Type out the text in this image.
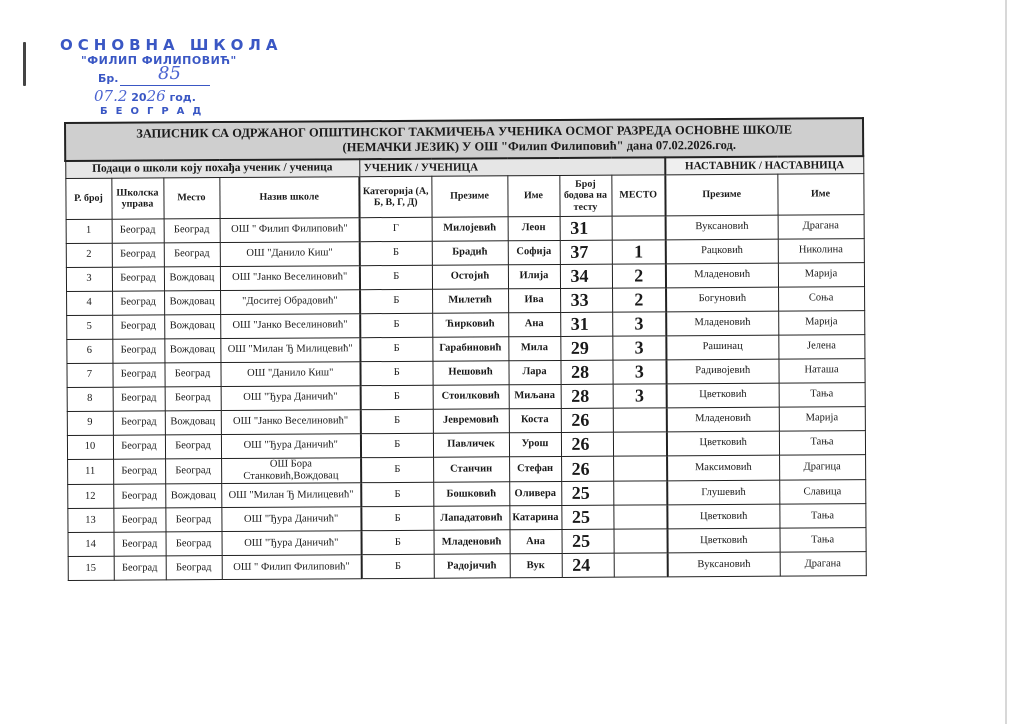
ОСНОВНА ШКОЛА
"ФИЛИП ФИЛИПОВИЋ"
Бр. 85
07.2 2026 год.
БЕОГРАД
ЗАПИСНИК СА ОДРЖАНОГ ОПШТИНСКОГ ТАКМИЧЕЊА УЧЕНИКА ОСМОГ РАЗРЕДА ОСНОВНЕ ШКОЛЕ
(НЕМАЧКИ ЈЕЗИК) У ОШ "Филип Филиповић" дана 07.02.2026.год.										

Подаци о школи коју похађа ученик / ученица				УЧЕНИК / УЧЕНИЦА					НАСТАВНИК / НАСТАВНИЦА	
Р. број	Школска управа	Место	Назив школе	Категорија (А, Б, В, Г, Д)	Презиме	Име	Број бодова на тесту	МЕСТО	Презиме	Име
1	Београд	Београд	ОШ " Филип Филиповић"	Г	Милојевић	Леон	31		Вуксановић	Драгана
2	Београд	Београд	ОШ "Данило Киш"	Б	Брадић	Софија	37	1	Рацковић	Николина
3	Београд	Вождовац	ОШ "Јанко Веселиновић"	Б	Остојић	Илија	34	2	Младеновић	Марија
4	Београд	Вождовац	"Доситеј Обрадовић"	Б	Милетић	Ива	33	2	Богуновић	Соња
5	Београд	Вождовац	ОШ "Јанко Веселиновић"	Б	Ћирковић	Ана	31	3	Младеновић	Марија
6	Београд	Вождовац	ОШ "Милан Ђ Милицевић"	Б	Гарабиновић	Мила	29	3	Рашинац	Јелена
7	Београд	Београд	ОШ "Данило Киш"	Б	Нешовић	Лара	28	3	Радивојевић	Наташа
8	Београд	Београд	ОШ "Ђура Даничић"	Б	Стоилковић	Миљана	28	3	Цветковић	Тања
9	Београд	Вождовац	ОШ "Јанко Веселиновић"	Б	Јевремовић	Коста	26		Младеновић	Марија
10	Београд	Београд	ОШ "Ђура Даничић"	Б	Павличек	Урош	26		Цветковић	Тања
11	Београд	Београд	ОШ Бора Станковић,Вождовац	Б	Станчин	Стефан	26		Максимовић	Драгица
12	Београд	Вождовац	ОШ "Милан Ђ Милицевић"	Б	Бошковић	Оливера	25		Глушевић	Славица
13	Београд	Београд	ОШ "Ђура Даничић"	Б	Лападатовић	Катарина	25		Цветковић	Тања
14	Београд	Београд	ОШ "Ђура Даничић"	Б	Младеновић	Ана	25		Цветковић	Тања
15	Београд	Београд	ОШ " Филип Филиповић"	Б	Радојичић	Вук	24		Вуксановић	Драгана
